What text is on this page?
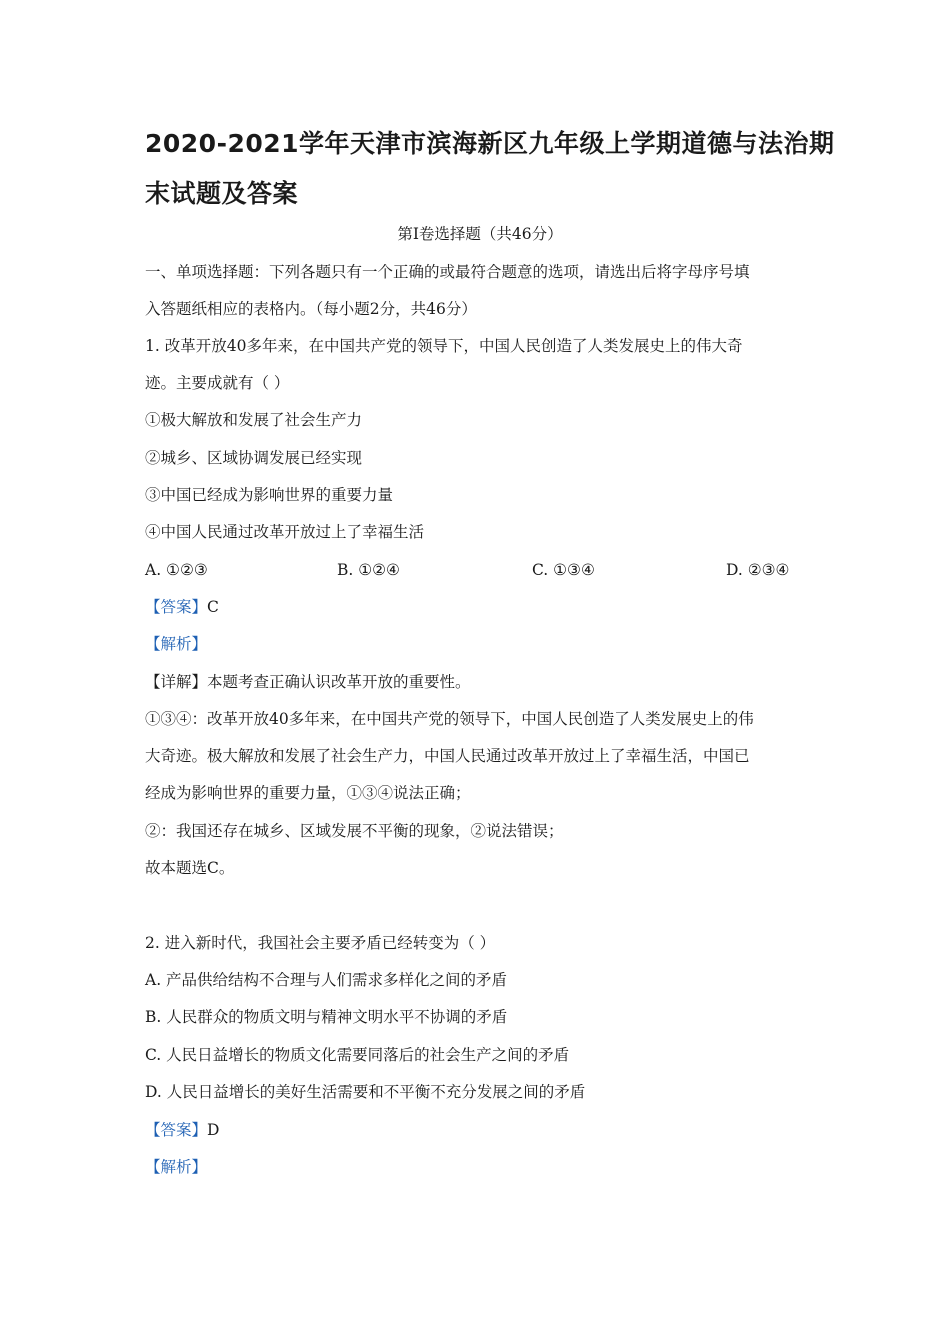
2020-2021学年天津市滨海新区九年级上学期道德与法治期
末试题及答案
第Ⅰ卷选择题（共46分）
一、单项选择题：下列各题只有一个正确的或最符合题意的选项，请选出后将字母序号填
入答题纸相应的表格内。（每小题2分，共46分）
1. 改革开放40多年来，在中国共产党的领导下，中国人民创造了人类发展史上的伟大奇
迹。主要成就有（ ）
①极大解放和发展了社会生产力
②城乡、区域协调发展已经实现
③中国已经成为影响世界的重要力量
④中国人民通过改革开放过上了幸福生活
A. ①②③	B. ①②④	C. ①③④	D. ②③④
【答案】C
【解析】
【详解】本题考查正确认识改革开放的重要性。
①③④：改革开放40多年来，在中国共产党的领导下，中国人民创造了人类发展史上的伟
大奇迹。极大解放和发展了社会生产力，中国人民通过改革开放过上了幸福生活，中国已
经成为影响世界的重要力量，①③④说法正确；
②：我国还存在城乡、区域发展不平衡的现象，②说法错误；
故本题选C。
2. 进入新时代，我国社会主要矛盾已经转变为（ ）
A. 产品供给结构不合理与人们需求多样化之间的矛盾
B. 人民群众的物质文明与精神文明水平不协调的矛盾
C. 人民日益增长的物质文化需要同落后的社会生产之间的矛盾
D. 人民日益增长的美好生活需要和不平衡不充分发展之间的矛盾
【答案】D
【解析】
